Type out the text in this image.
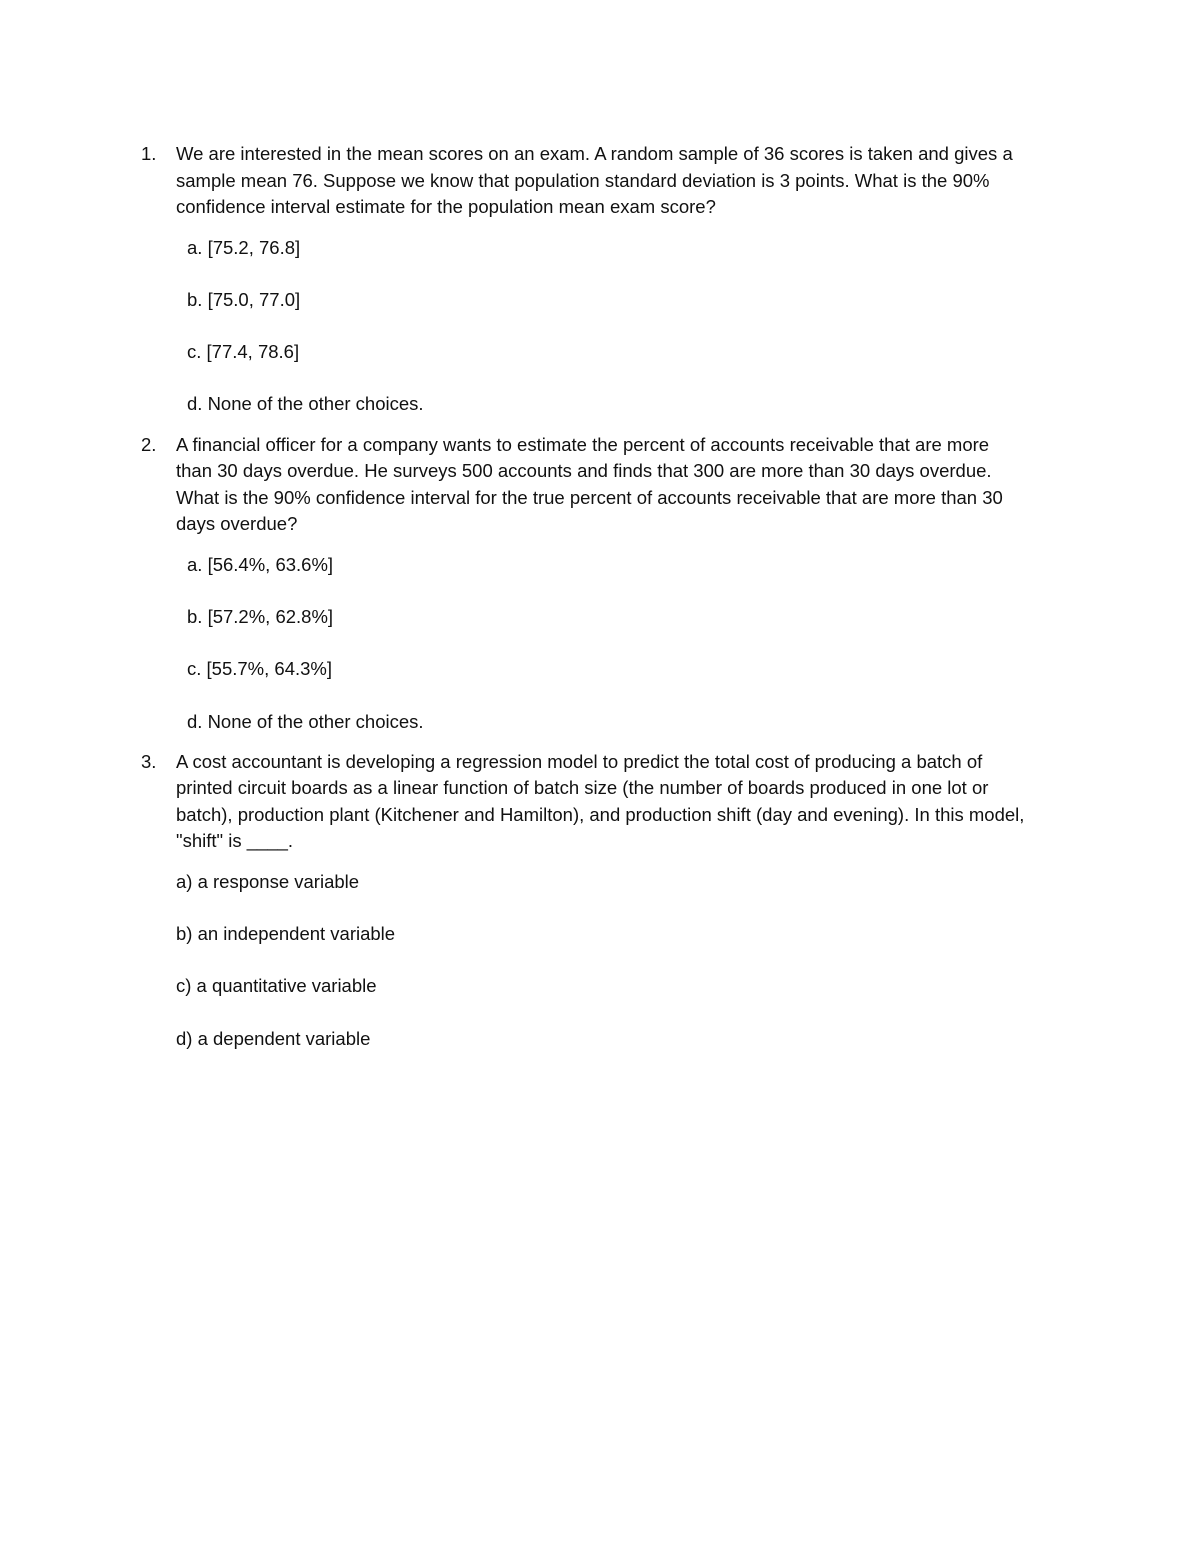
1. We are interested in the mean scores on an exam. A random sample of 36 scores is taken and gives a sample mean 76. Suppose we know that population standard deviation is 3 points. What is the 90% confidence interval estimate for the population mean exam score?

a. [75.2, 76.8]

b. [75.0, 77.0]

c. [77.4, 78.6]

d. None of the other choices.

2. A financial officer for a company wants to estimate the percent of accounts receivable that are more than 30 days overdue. He surveys 500 accounts and finds that 300 are more than 30 days overdue. What is the 90% confidence interval for the true percent of accounts receivable that are more than 30 days overdue?

a. [56.4%, 63.6%]

b. [57.2%, 62.8%]

c. [55.7%, 64.3%]

d. None of the other choices.

3. A cost accountant is developing a regression model to predict the total cost of producing a batch of printed circuit boards as a linear function of batch size (the number of boards produced in one lot or batch), production plant (Kitchener and Hamilton), and production shift (day and evening). In this model, "shift" is ____.

a) a response variable

b) an independent variable

c) a quantitative variable

d) a dependent variable
